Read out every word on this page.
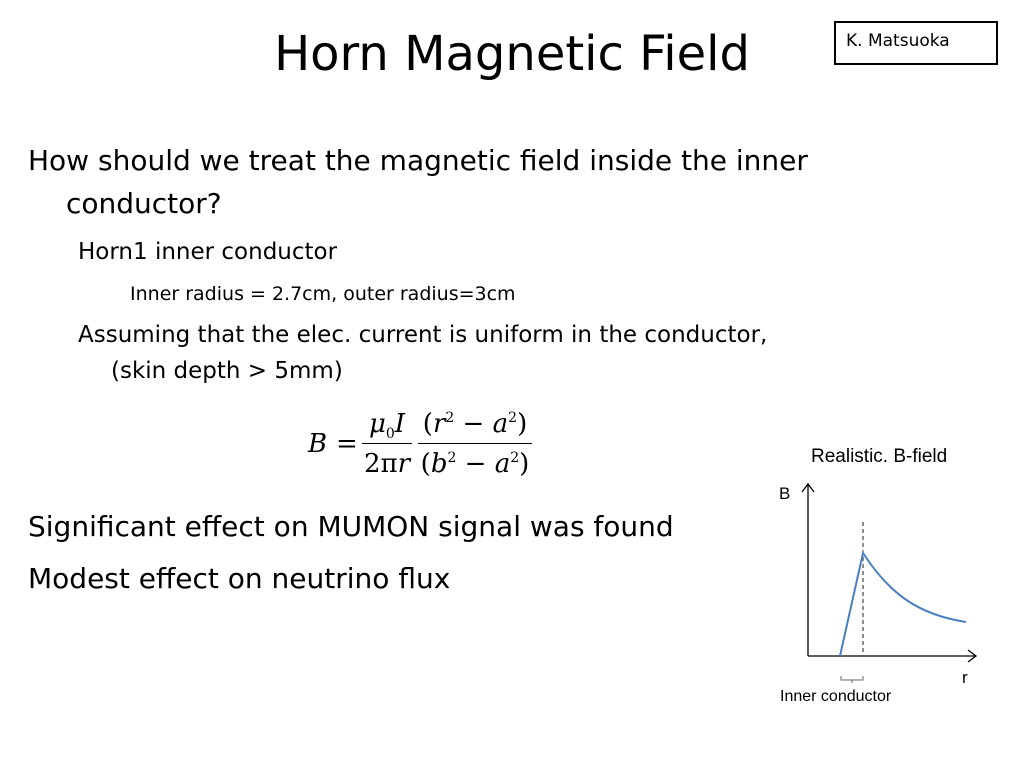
Horn Magnetic Field	K. Matsuoka
How should we treat the magnetic field inside the inner
conductor?
Horn1 inner conductor
Inner radius = 2.7cm, outer radius=3cm
Assuming that the elec. current is uniform in the conductor,
(skin depth > 5mm)
B =
$\mu_0I$
2πr
$(r^2 - a^2)$
$(b^2 - a^2)$
Significant effect on MUMON signal was found
Modest effect on neutrino flux
Realistic. B-field
B
r
Inner conductor
